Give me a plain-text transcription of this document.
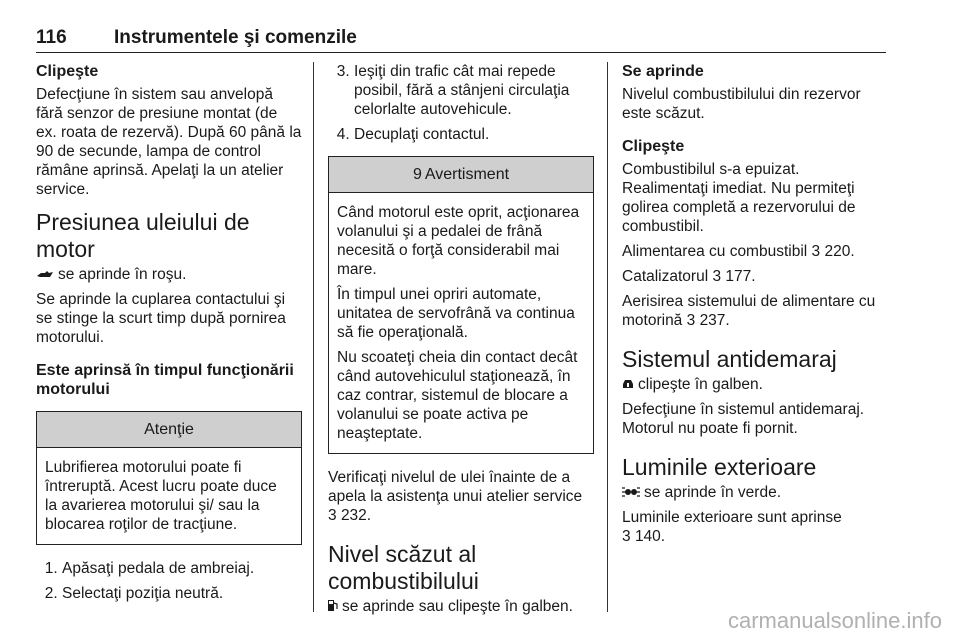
116	Instrumentele şi comenzile
Clipeşte

Defecţiune în sistem sau anvelopă fără senzor de presiune montat (de ex. roata de rezervă). După 60 până la 90 de secunde, lampa de control rămâne aprinsă. Apelaţi la un atelier service.

Presiunea uleiului de motor

se aprinde în roşu.

Se aprinde la cuplarea contactului şi se stinge la scurt timp după pornirea motorului.

Este aprinsă în timpul funcţionării motorului
Atenţie

Lubrifierea motorului poate fi întreruptă. Acest lucru poate duce la avarierea motorului şi/ sau la blocarea roţilor de tracţiune.

1. Apăsaţi pedala de ambreiaj.
2. Selectaţi poziţia neutră.
3. Ieşiţi din trafic cât mai repede posibil, fără a stânjeni circulaţia celorlalte autovehicule.
4. Decuplaţi contactul.
9 Avertisment

Când motorul este oprit, acţionarea volanului şi a pedalei de frână necesită o forţă considerabil mai mare.

În timpul unei opriri automate, unitatea de servofrână va continua să fie operaţională.

Nu scoateţi cheia din contact decât când autovehiculul staţionează, în caz contrar, sistemul de blocare a volanului se poate activa pe neaşteptate.

Verificaţi nivelul de ulei înainte de a apela la asistenţa unui atelier service 3 232.

Nivel scăzut al combustibilului

se aprinde sau clipeşte în galben.

Se aprinde

Nivelul combustibilului din rezervor este scăzut.

Clipeşte

Combustibilul s-a epuizat. Realimentaţi imediat. Nu permiteţi golirea completă a rezervorului de combustibil.

Alimentarea cu combustibil 3 220.

Catalizatorul 3 177.

Aerisirea sistemului de alimentare cu motorină 3 237.

Sistemul antidemaraj

clipeşte în galben.

Defecţiune în sistemul antidemaraj. Motorul nu poate fi pornit.

Luminile exterioare

se aprinde în verde.

Luminile exterioare sunt aprinse
3 140.

carmanualsonline.info
